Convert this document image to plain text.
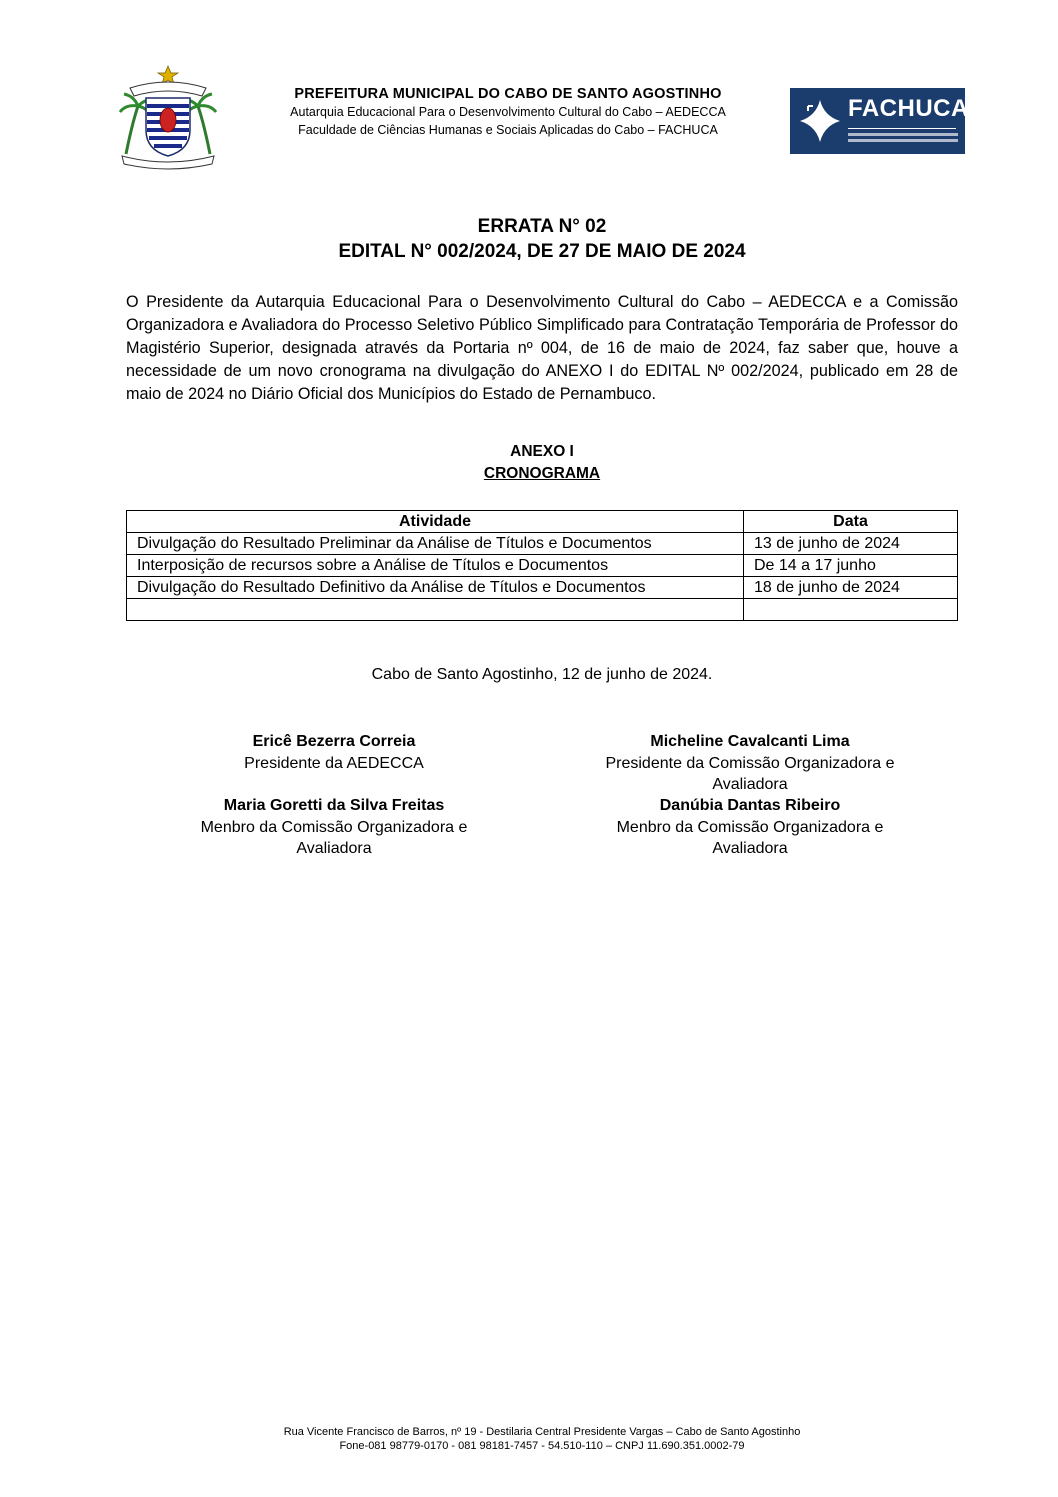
PREFEITURA MUNICIPAL DO CABO DE SANTO AGOSTINHO
Autarquia Educacional Para o Desenvolvimento Cultural do Cabo – AEDECCA
Faculdade de Ciências Humanas e Sociais Aplicadas do Cabo – FACHUCA
FACHUCA
ERRATA N° 02
EDITAL N° 002/2024, DE 27 DE MAIO DE 2024
O Presidente da Autarquia Educacional Para o Desenvolvimento Cultural do Cabo – AEDECCA e a Comissão Organizadora e Avaliadora do Processo Seletivo Público Simplificado para Contratação Temporária de Professor do Magistério Superior, designada através da Portaria nº 004, de 16 de maio de 2024, faz saber que, houve a necessidade de um novo cronograma na divulgação do ANEXO I do EDITAL Nº 002/2024, publicado em 28 de maio de 2024 no Diário Oficial dos Municípios do Estado de Pernambuco.
ANEXO I
CRONOGRAMA
Atividade	Data
Divulgação do Resultado Preliminar da Análise de Títulos e Documentos	13 de junho de 2024
Interposição de recursos sobre a Análise de Títulos e Documentos	De 14 a 17 junho
Divulgação do Resultado Definitivo da Análise de Títulos e Documentos	18 de junho de 2024

Cabo de Santo Agostinho, 12 de junho de 2024.
Ericê Bezerra Correia
Presidente da AEDECCA
Micheline Cavalcanti Lima
Presidente da Comissão Organizadora e Avaliadora
Maria Goretti da Silva Freitas
Menbro da Comissão Organizadora e Avaliadora
Danúbia Dantas Ribeiro
Menbro da Comissão Organizadora e Avaliadora
Rua Vicente Francisco de Barros, nº 19 - Destilaria Central Presidente Vargas – Cabo de Santo Agostinho
Fone-081 98779-0170 - 081 98181-7457 - 54.510-110 – CNPJ 11.690.351.0002-79
